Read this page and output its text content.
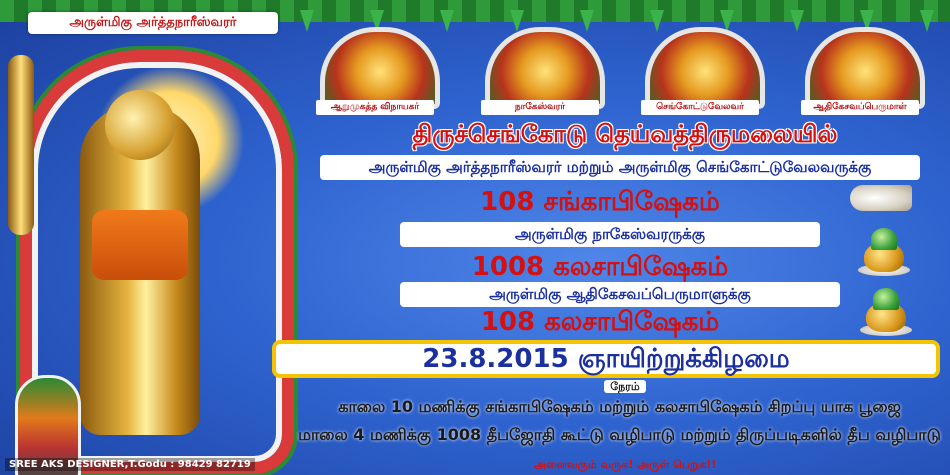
அருள்மிகு அர்த்தநாரீஸ்வரர்
ஆறுமுகத்த விநாயகர்	நாகேஸ்வரர்	செங்கோட்டுவேலவர்	ஆதிகேசவப்பெருமாள்
திருச்செங்கோடு தெய்வத்திருமலையில்
அருள்மிகு அர்த்தநாரீஸ்வரர் மற்றும் அருள்மிகு செங்கோட்டுவேலவருக்கு
108 சங்காபிஷேகம்
அருள்மிகு நாகேஸ்வரருக்கு
1008 கலசாபிஷேகம்
அருள்மிகு ஆதிகேசவப்பெருமாளுக்கு
108 கலசாபிஷேகம்
23.8.2015 ஞாயிற்றுக்கிழமை
நேரம்
காலை 10 மணிக்கு சங்காபிஷேகம் மற்றும் கலசாபிஷேகம் சிறப்பு யாக பூஜை
மாலை 4 மணிக்கு 1008 தீபஜோதி கூட்டு வழிபாடு மற்றும் திருப்படிகளில் தீப வழிபாடு
அனைவரும் வருக! அருள் பெறுக!!
SREE AKS DESIGNER,T.Godu : 98429 82719
